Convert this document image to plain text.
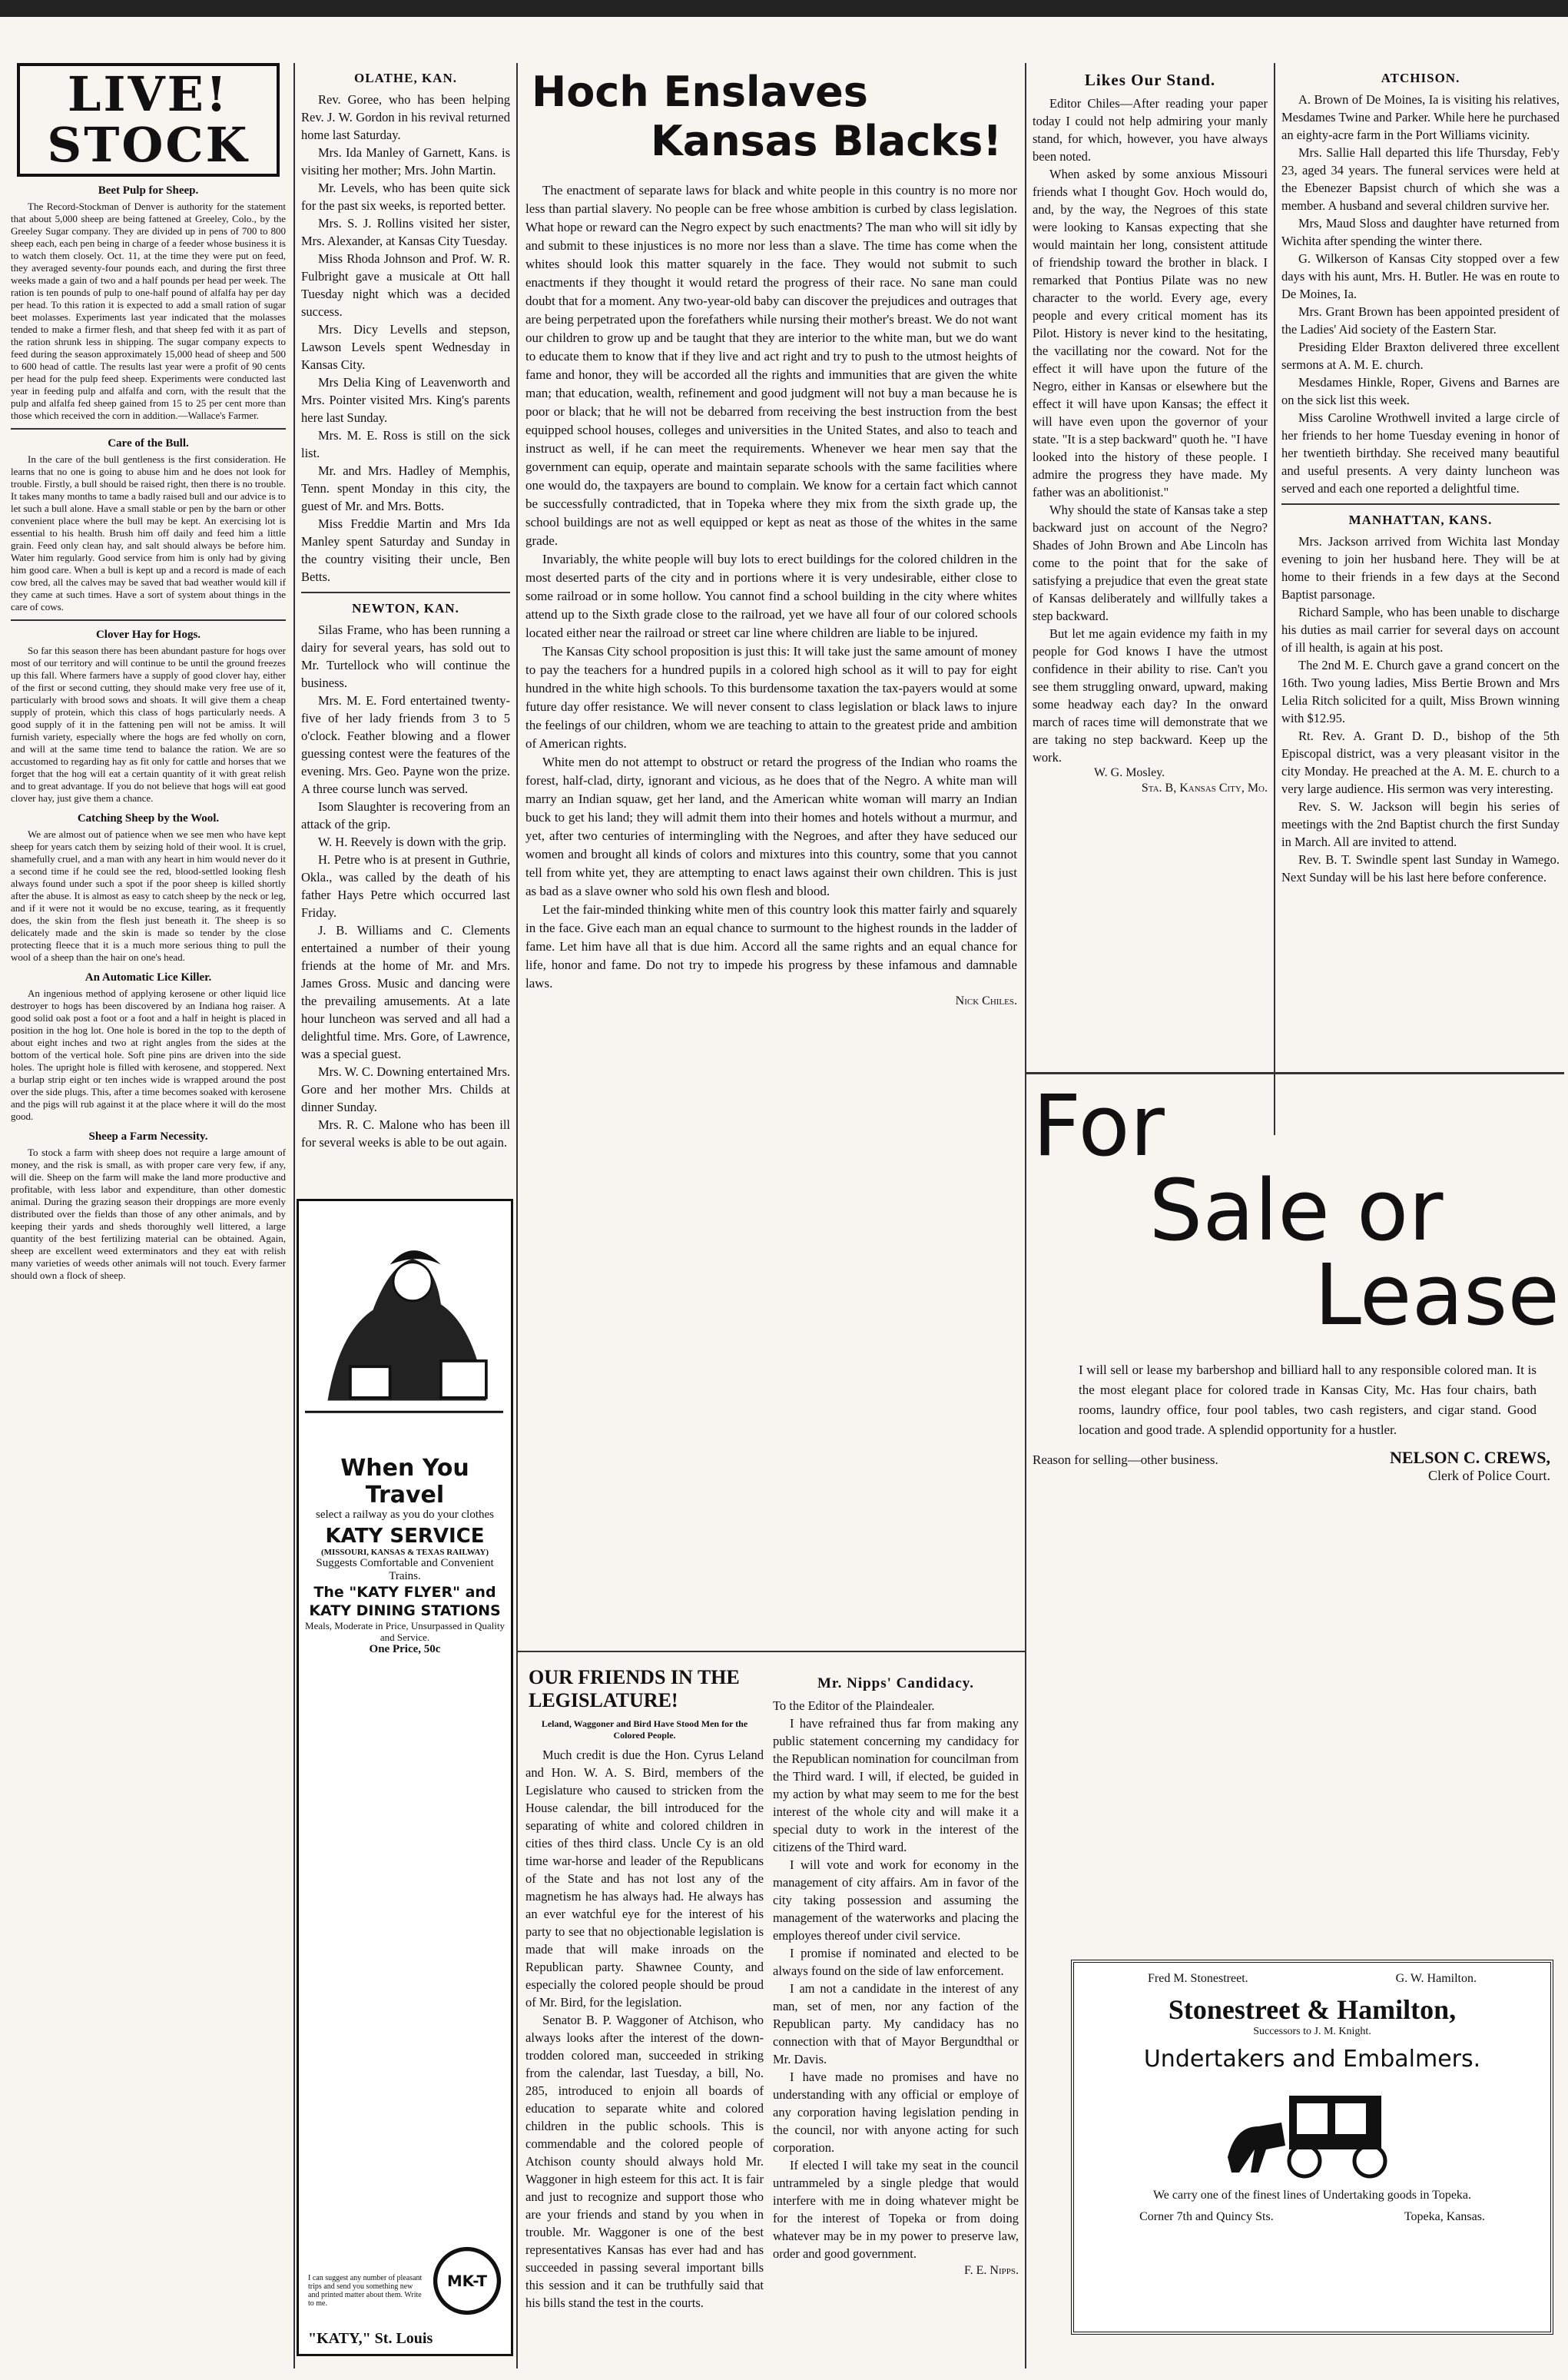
LIVE!
STOCK
Beet Pulp for Sheep.

The Record-Stockman of Denver is authority for the statement that about 5,000 sheep are being fattened at Greeley, Colo., by the Greeley Sugar company. They are divided up in pens of 700 to 800 sheep each, each pen being in charge of a feeder whose business it is to watch them closely. Oct. 11, at the time they were put on feed, they averaged seventy-four pounds each, and during the first three weeks made a gain of two and a half pounds per head per week. The ration is ten pounds of pulp to one-half pound of alfalfa hay per day per head. To this ration it is expected to add a small ration of sugar beet molasses. Experiments last year indicated that the molasses tended to make a firmer flesh, and that sheep fed with it as part of the ration shrunk less in shipping. The sugar company expects to feed during the season approximately 15,000 head of sheep and 500 to 600 head of cattle. The results last year were a profit of 90 cents per head for the pulp feed sheep. Experiments were conducted last year in feeding pulp and alfalfa and corn, with the result that the pulp and alfalfa fed sheep gained from 15 to 25 per cent more than those which received the corn in addition.—Wallace's Farmer.

Care of the Bull.

In the care of the bull gentleness is the first consideration. He learns that no one is going to abuse him and he does not look for trouble. Firstly, a bull should be raised right, then there is no trouble. It takes many months to tame a badly raised bull and our advice is to let such a bull alone. Have a small stable or pen by the barn or other convenient place where the bull may be kept. An exercising lot is essential to his health. Brush him off daily and feed him a little grain. Feed only clean hay, and salt should always be before him. Water him regularly. Good service from him is only had by giving him good care. When a bull is kept up and a record is made of each cow bred, all the calves may be saved that bad weather would kill if they came at such times. Have a sort of system about things in the care of cows.

Clover Hay for Hogs.

So far this season there has been abundant pasture for hogs over most of our territory and will continue to be until the ground freezes up this fall. Where farmers have a supply of good clover hay, either of the first or second cutting, they should make very free use of it, particularly with brood sows and shoats. It will give them a cheap supply of protein, which this class of hogs particularly needs. A good supply of it in the fattening pen will not be amiss. It will furnish variety, especially where the hogs are fed wholly on corn, and will at the same time tend to balance the ration. We are so accustomed to regarding hay as fit only for cattle and horses that we forget that the hog will eat a certain quantity of it with great relish and to great advantage. If you do not believe that hogs will eat good clover hay, just give them a chance.

Catching Sheep by the Wool.

We are almost out of patience when we see men who have kept sheep for years catch them by seizing hold of their wool. It is cruel, shamefully cruel, and a man with any heart in him would never do it a second time if he could see the red, blood-settled looking flesh always found under such a spot if the poor sheep is killed shortly after the abuse. It is almost as easy to catch sheep by the neck or leg, and if it were not it would be no excuse, tearing, as it frequently does, the skin from the flesh just beneath it. The sheep is so delicately made and the skin is made so tender by the close protecting fleece that it is a much more serious thing to pull the wool of a sheep than the hair on one's head.

An Automatic Lice Killer.

An ingenious method of applying kerosene or other liquid lice destroyer to hogs has been discovered by an Indiana hog raiser. A good solid oak post a foot or a foot and a half in height is placed in position in the hog lot. One hole is bored in the top to the depth of about eight inches and two at right angles from the sides at the bottom of the vertical hole. Soft pine pins are driven into the side holes. The upright hole is filled with kerosene, and stoppered. Next a burlap strip eight or ten inches wide is wrapped around the post over the side plugs. This, after a time becomes soaked with kerosene and the pigs will rub against it at the place where it will do the most good.

Sheep a Farm Necessity.

To stock a farm with sheep does not require a large amount of money, and the risk is small, as with proper care very few, if any, will die. Sheep on the farm will make the land more productive and profitable, with less labor and expenditure, than other domestic animal. During the grazing season their droppings are more evenly distributed over the fields than those of any other animals, and by keeping their yards and sheds thoroughly well littered, a large quantity of the best fertilizing material can be obtained. Again, sheep are excellent weed exterminators and they eat with relish many varieties of weeds other animals will not touch. Every farmer should own a flock of sheep.

OLATHE, KAN.

Rev. Goree, who has been helping Rev. J. W. Gordon in his revival returned home last Saturday.

Mrs. Ida Manley of Garnett, Kans. is visiting her mother; Mrs. John Martin.

Mr. Levels, who has been quite sick for the past six weeks, is reported better.

Mrs. S. J. Rollins visited her sister, Mrs. Alexander, at Kansas City Tuesday.

Miss Rhoda Johnson and Prof. W. R. Fulbright gave a musicale at Ott hall Tuesday night which was a decided success.

Mrs. Dicy Levells and stepson, Lawson Levels spent Wednesday in Kansas City.

Mrs Delia King of Leavenworth and Mrs. Pointer visited Mrs. King's parents here last Sunday.

Mrs. M. E. Ross is still on the sick list.

Mr. and Mrs. Hadley of Memphis, Tenn. spent Monday in this city, the guest of Mr. and Mrs. Botts.

Miss Freddie Martin and Mrs Ida Manley spent Saturday and Sunday in the country visiting their uncle, Ben Betts.

NEWTON, KAN.

Silas Frame, who has been running a dairy for several years, has sold out to Mr. Turtellock who will continue the business.

Mrs. M. E. Ford entertained twenty-five of her lady friends from 3 to 5 o'clock. Feather blowing and a flower guessing contest were the features of the evening. Mrs. Geo. Payne won the prize. A three course lunch was served.

Isom Slaughter is recovering from an attack of the grip.

W. H. Reevely is down with the grip.

H. Petre who is at present in Guthrie, Okla., was called by the death of his father Hays Petre which occurred last Friday.

J. B. Williams and C. Clements entertained a number of their young friends at the home of Mr. and Mrs. James Gross. Music and dancing were the prevailing amusements. At a late hour luncheon was served and all had a delightful time. Mrs. Gore, of Lawrence, was a special guest.

Mrs. W. C. Downing entertained Mrs. Gore and her mother Mrs. Childs at dinner Sunday.

Mrs. R. C. Malone who has been ill for several weeks is able to be out again.

When You Travel
select a railway as you do your clothes
KATY SERVICE
(MISSOURI, KANSAS & TEXAS RAILWAY)
Suggests Comfortable and Convenient Trains.
The "KATY FLYER" and KATY DINING STATIONS
Meals, Moderate in Price, Unsurpassed in Quality and Service.
One Price, 50c
I can suggest any number of pleasant trips and send you something new and printed matter about them. Write to me.
MK-T
"KATY," St. Louis
Hoch Enslaves
Kansas Blacks!

The enactment of separate laws for black and white people in this country is no more nor less than partial slavery. No people can be free whose ambition is curbed by class legislation. What hope or reward can the Negro expect by such enactments? The man who will sit idly by and submit to these injustices is no more nor less than a slave. The time has come when the whites should look this matter squarely in the face. They would not submit to such enactments if they thought it would retard the progress of their race. No sane man could doubt that for a moment. Any two-year-old baby can discover the prejudices and outrages that are being perpetrated upon the forefathers while nursing their mother's breast. We do not want our children to grow up and be taught that they are interior to the white man, but we do want to educate them to know that if they live and act right and try to push to the utmost heights of fame and honor, they will be accorded all the rights and immunities that are given the white man; that education, wealth, refinement and good judgment will not buy a man because he is poor or black; that he will not be debarred from receiving the best instruction from the best equipped school houses, colleges and universities in the United States, and also to teach and instruct as well, if he can meet the requirements. Whenever we hear men say that the government can equip, operate and maintain separate schools with the same facilities where one would do, the taxpayers are bound to complain. We know for a certain fact which cannot be successfully contradicted, that in Topeka where they mix from the sixth grade up, the school buildings are not as well equipped or kept as neat as those of the whites in the same grade.

Invariably, the white people will buy lots to erect buildings for the colored children in the most deserted parts of the city and in portions where it is very undesirable, either close to some railroad or in some hollow. You cannot find a school building in the city where whites attend up to the Sixth grade close to the railroad, yet we have all four of our colored schools located either near the railroad or street car line where children are liable to be injured.

The Kansas City school proposition is just this: It will take just the same amount of money to pay the teachers for a hundred pupils in a colored high school as it will to pay for eight hundred in the white high schools. To this burdensome taxation the tax-payers would at some future day offer resistance. We will never consent to class legislation or black laws to injure the feelings of our children, whom we are teaching to attain to the greatest pride and ambition of American rights.

White men do not attempt to obstruct or retard the progress of the Indian who roams the forest, half-clad, dirty, ignorant and vicious, as he does that of the Negro. A white man will marry an Indian squaw, get her land, and the American white woman will marry an Indian buck to get his land; they will admit them into their homes and hotels without a murmur, and yet, after two centuries of intermingling with the Negroes, and after they have seduced our women and brought all kinds of colors and mixtures into this country, some that you cannot tell from white yet, they are attempting to enact laws against their own children. This is just as bad as a slave owner who sold his own flesh and blood.

Let the fair-minded thinking white men of this country look this matter fairly and squarely in the face. Give each man an equal chance to surmount to the highest rounds in the ladder of fame. Let him have all that is due him. Accord all the same rights and an equal chance for life, honor and fame. Do not try to impede his progress by these infamous and damnable laws.

Nick Chiles.
OUR FRIENDS IN THE LEGISLATURE!
Leland, Waggoner and Bird Have Stood Men for the Colored People.

Much credit is due the Hon. Cyrus Leland and Hon. W. A. S. Bird, members of the Legislature who caused to stricken from the House calendar, the bill introduced for the separating of white and colored children in cities of thes third class. Uncle Cy is an old time war-horse and leader of the Republicans of the State and has not lost any of the magnetism he has always had. He always has an ever watchful eye for the interest of his party to see that no objectionable legislation is made that will make inroads on the Republican party. Shawnee County, and especially the colored people should be proud of Mr. Bird, for the legislation.

Senator B. P. Waggoner of Atchison, who always looks after the interest of the down-trodden colored man, succeeded in striking from the calendar, last Tuesday, a bill, No. 285, introduced to enjoin all boards of education to separate white and colored children in the public schools. This is commendable and the colored people of Atchison county should always hold Mr. Waggoner in high esteem for this act. It is fair and just to recognize and support those who are your friends and stand by you when in trouble. Mr. Waggoner is one of the best representatives Kansas has ever had and has succeeded in passing several important bills this session and it can be truthfully said that his bills stand the test in the courts.

Mr. Nipps' Candidacy.

To the Editor of the Plaindealer.

I have refrained thus far from making any public statement concerning my candidacy for the Republican nomination for councilman from the Third ward. I will, if elected, be guided in my action by what may seem to me for the best interest of the whole city and will make it a special duty to work in the interest of the citizens of the Third ward.

I will vote and work for economy in the management of city affairs. Am in favor of the city taking possession and assuming the management of the waterworks and placing the employes thereof under civil service.

I promise if nominated and elected to be always found on the side of law enforcement.

I am not a candidate in the interest of any man, set of men, nor any faction of the Republican party. My candidacy has no connection with that of Mayor Bergundthal or Mr. Davis.

I have made no promises and have no understanding with any official or employe of any corporation having legislation pending in the council, nor with anyone acting for such corporation.

If elected I will take my seat in the council untrammeled by a single pledge that would interfere with me in doing whatever might be for the interest of Topeka or from doing whatever may be in my power to preserve law, order and good government.

F. E. Nipps.
Likes Our Stand.

Editor Chiles—After reading your paper today I could not help admiring your manly stand, for which, however, you have always been noted.

When asked by some anxious Missouri friends what I thought Gov. Hoch would do, and, by the way, the Negroes of this state were looking to Kansas expecting that she would maintain her long, consistent attitude of friendship toward the brother in black. I remarked that Pontius Pilate was no new character to the world. Every age, every people and every critical moment has its Pilot. History is never kind to the hesitating, the vacillating nor the coward. Not for the effect it will have upon the future of the Negro, either in Kansas or elsewhere but the effect it will have upon Kansas; the effect it will have even upon the governor of your state. "It is a step backward" quoth he. "I have looked into the history of these people. I admire the progress they have made. My father was an abolitionist."

Why should the state of Kansas take a step backward just on account of the Negro? Shades of John Brown and Abe Lincoln has come to the point that for the sake of satisfying a prejudice that even the great state of Kansas deliberately and willfully takes a step backward.

But let me again evidence my faith in my people for God knows I have the utmost confidence in their ability to rise. Can't you see them struggling onward, upward, making some headway each day? In the onward march of races time will demonstrate that we are taking no step backward. Keep up the work.

W. G. Mosley.
Sta. B, Kansas City, Mo.
ATCHISON.

A. Brown of De Moines, Ia is visiting his relatives, Mesdames Twine and Parker. While here he purchased an eighty-acre farm in the Port Williams vicinity.

Mrs. Sallie Hall departed this life Thursday, Feb'y 23, aged 34 years. The funeral services were held at the Ebenezer Bapsist church of which she was a member. A husband and several children survive her.

Mrs, Maud Sloss and daughter have returned from Wichita after spending the winter there.

G. Wilkerson of Kansas City stopped over a few days with his aunt, Mrs. H. Butler. He was en route to De Moines, Ia.

Mrs. Grant Brown has been appointed president of the Ladies' Aid society of the Eastern Star.

Presiding Elder Braxton delivered three excellent sermons at A. M. E. church.

Mesdames Hinkle, Roper, Givens and Barnes are on the sick list this week.

Miss Caroline Wrothwell invited a large circle of her friends to her home Tuesday evening in honor of her twentieth birthday. She received many beautiful and useful presents. A very dainty luncheon was served and each one reported a delightful time.

MANHATTAN, KANS.

Mrs. Jackson arrived from Wichita last Monday evening to join her husband here. They will be at home to their friends in a few days at the Second Baptist parsonage.

Richard Sample, who has been unable to discharge his duties as mail carrier for several days on account of ill health, is again at his post.

The 2nd M. E. Church gave a grand concert on the 16th. Two young ladies, Miss Bertie Brown and Mrs Lelia Ritch solicited for a quilt, Miss Brown winning with $12.95.

Rt. Rev. A. Grant D. D., bishop of the 5th Episcopal district, was a very pleasant visitor in the city Monday. He preached at the A. M. E. church to a very large audience. His sermon was very interesting.

Rev. S. W. Jackson will begin his series of meetings with the 2nd Baptist church the first Sunday in March. All are invited to attend.

Rev. B. T. Swindle spent last Sunday in Wamego. Next Sunday will be his last here before conference.

For
Sale or
Lease
I will sell or lease my barbershop and billiard hall to any responsible colored man. It is the most elegant place for colored trade in Kansas City, Mc. Has four chairs, bath rooms, laundry office, four pool tables, two cash registers, and cigar stand. Good location and good trade. A splendid opportunity for a hustler.
Reason for selling—other business.	NELSON C. CREWS,
Clerk of Police Court.
Fred M. Stonestreet.	G. W. Hamilton.
Stonestreet & Hamilton,
Successors to J. M. Knight.
Undertakers and Embalmers.
We carry one of the finest lines of Undertaking goods in Topeka.
Corner 7th and Quincy Sts.	Topeka, Kansas.
